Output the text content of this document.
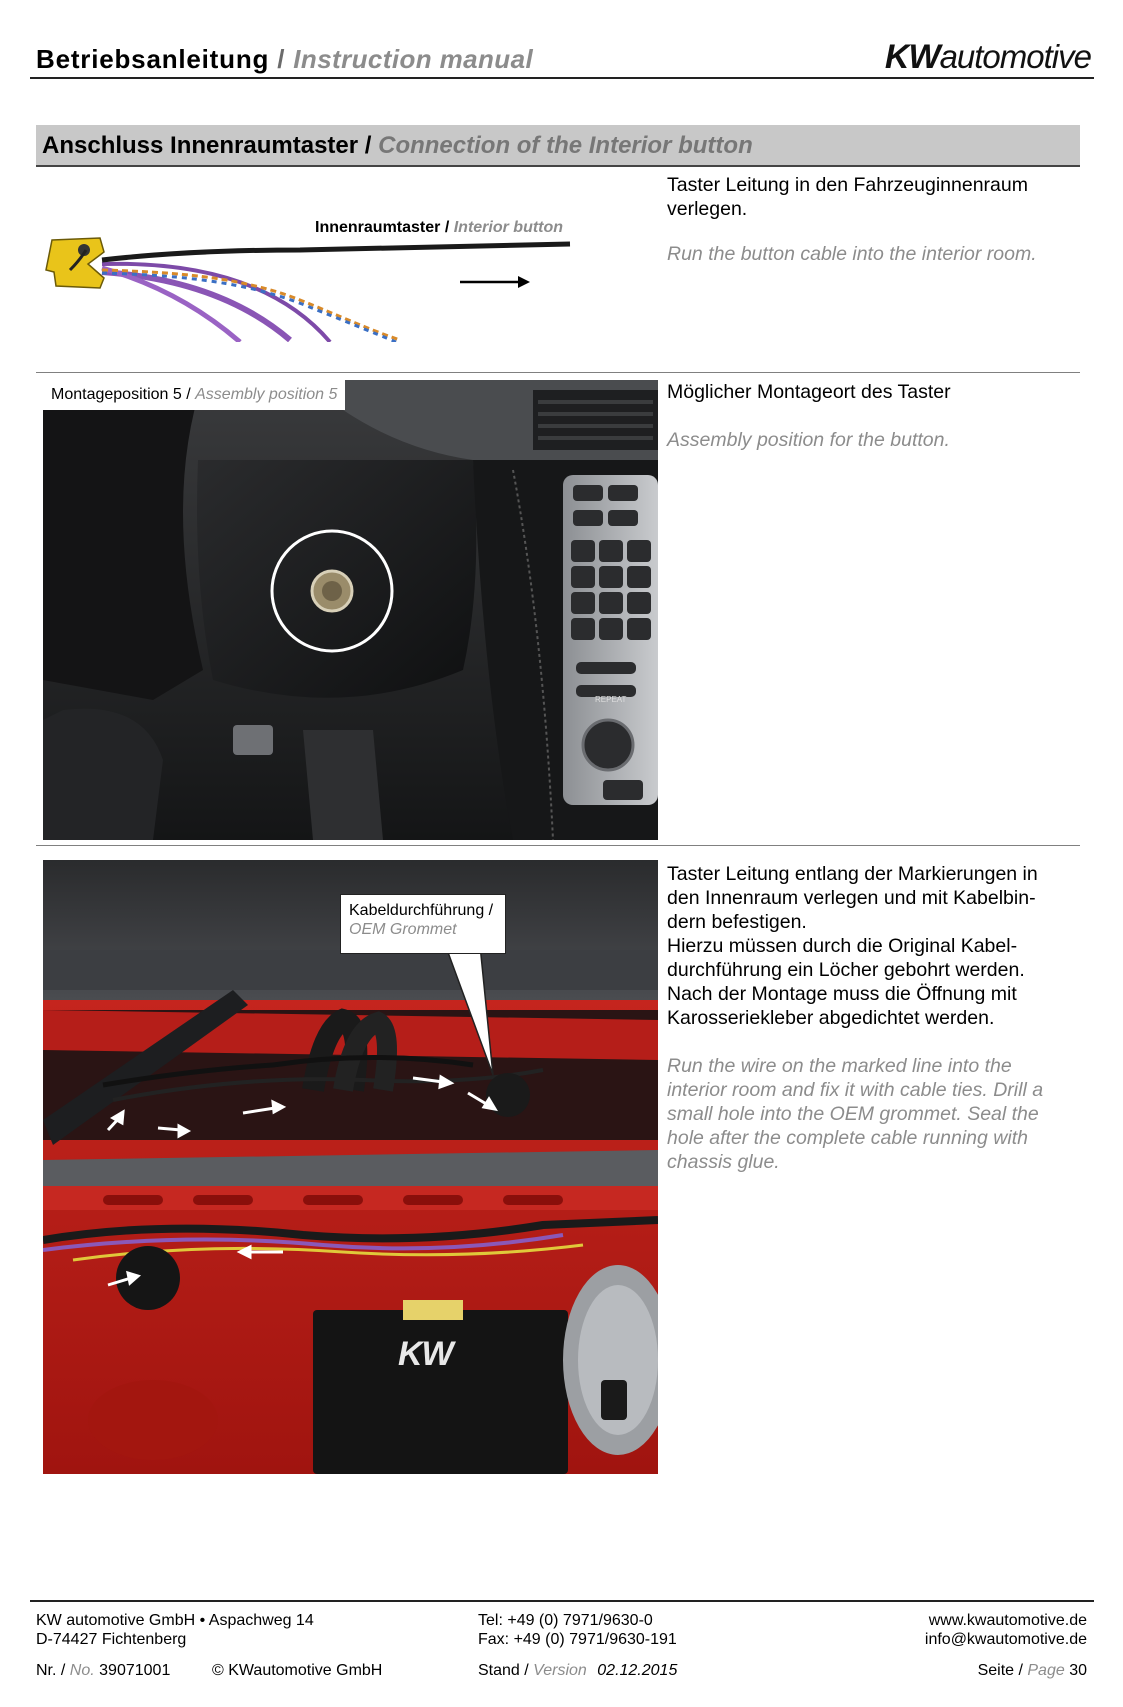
Betriebsanleitung / Instruction manual	KWautomotive
Anschluss Innenraumtaster / Connection of the Interior button
Innenraumtaster / Interior button

Taster Leitung in den Fahrzeuginnenraum verlegen.

Run the button cable into the interior room.

REPEAT
Montageposition 5 / Assembly position 5	Möglicher Montageort des Taster

Assembly position for the button.

KW
Kabeldurchführung /
OEM Grommet

Taster Leitung entlang der Markierungen in

den Innenraum verlegen und mit Kabelbin-

dern befestigen.

Hierzu müssen durch die Original Kabel-

durchführung ein Löcher gebohrt werden.

Nach der Montage muss die Öffnung mit

Karosseriekleber abgedichtet werden.

Run the wire on the marked line into the

interior room and fix it with cable ties. Drill a

small hole into the OEM grommet. Seal the

hole after the complete cable running with

chassis glue.

KW automotive GmbH • Aspachweg 14
D-74427 Fichtenberg
Tel: +49 (0) 7971/9630-0
Fax: +49 (0) 7971/9630-191
www.kwautomotive.de
info@kwautomotive.de
Nr. / No. 39071001	© KWautomotive GmbH	Stand / Version 02.12.2015	Seite / Page 30
